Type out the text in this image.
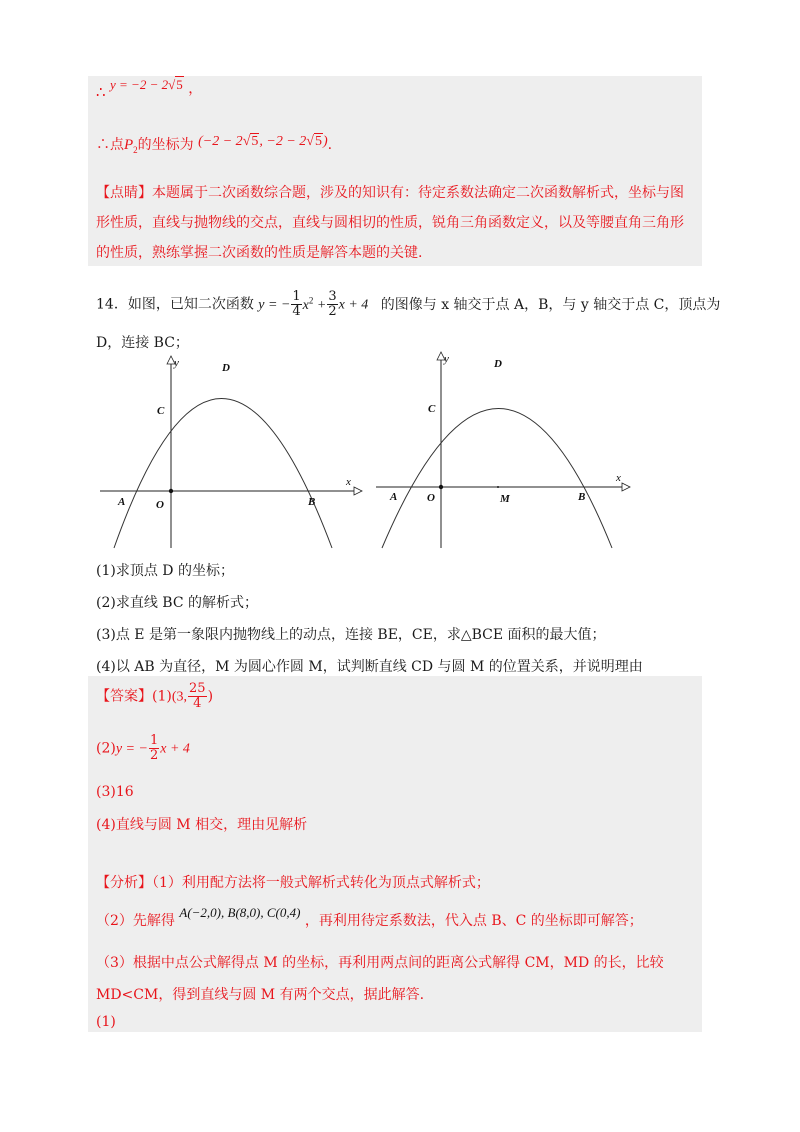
∴ y = −2 − 2√5 ，
∴点$P_2$的坐标为 (−2 − 2√5, −2 − 2√5).
【点睛】本题属于二次函数综合题，涉及的知识有：待定系数法确定二次函数解析式，坐标与图
形性质，直线与抛物线的交点，直线与圆相切的性质，锐角三角函数定义，以及等腰直角三角形
的性质，熟练掌握二次函数的性质是解答本题的关键.
14．如图，已知二次函数 y = − $\frac{1}{4} x^2 + \frac{3}{2}$ x + 4 的图像与 x 轴交于点 A，B，与 y 轴交于点 C，顶点为
D，连接 BC；
y	D
C
x
A	O	B
y	D
C
x
A	O	M	B
(1)求顶点 D 的坐标；
(2)求直线 BC 的解析式；
(3)点 E 是第一象限内抛物线上的动点，连接 BE，CE，求△BCE 面积的最大值；
(4)以 AB 为直径，M 为圆心作圆 M，试判断直线 CD 与圆 M 的位置关系，并说明理由
【答案】(1)(3, $\frac{25}{4}$ )
(2)y = − $\frac{1}{2}$ x + 4
(3)16
(4)直线与圆 M 相交，理由见解析
【分析】（1）利用配方法将一般式解析式转化为顶点式解析式；
（2）先解得 A(−2,0), B(8,0), C(0,4) ，再利用待定系数法，代入点 B、C 的坐标即可解答；
（3）根据中点公式解得点 M 的坐标，再利用两点间的距离公式解得 CM，MD 的长，比较
MD<CM，得到直线与圆 M 有两个交点，据此解答.
(1)
